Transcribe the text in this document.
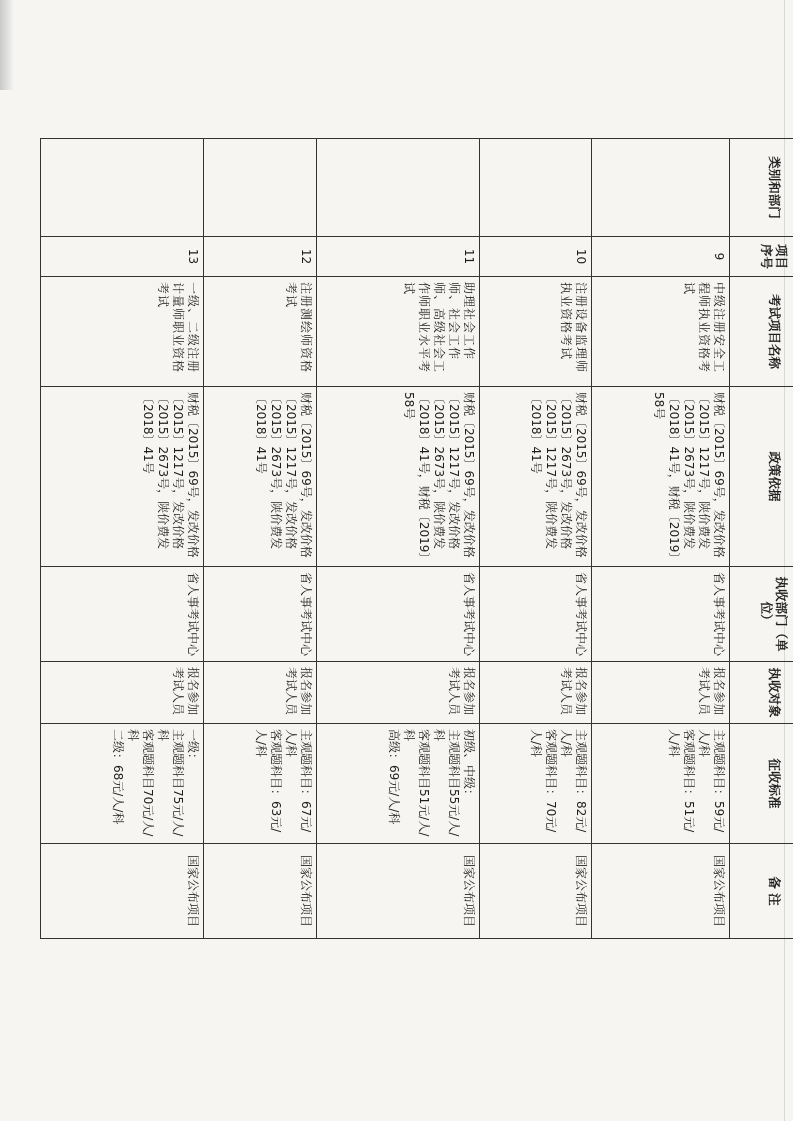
类别和部门	项目序号	考试项目名称	政策依据	执收部门（单位）	执收对象	征收标准	备 注
	9	中级注册安全工程师执业资格考试	财税〔2015〕69号，发改价格〔2015〕1217号，陕价费发〔2015〕2673号，陕价费发〔2018〕41号，财税〔2019〕58号	省人事考试中心	报名参加考试人员	主观题科目：59元/人/科
客观题科目：51元/人/科	国家公布项目
	10	注册设备监理师执业资格考试	财税〔2015〕69号，发改价格〔2015〕2673号，发改价格〔2015〕1217号，陕价费发〔2018〕41号	省人事考试中心	报名参加考试人员	主观题科目：82元/人/科
客观题科目：70元/人/科	国家公布项目
	11	助理社会工作师、社会工作师、高级社会工作师职业水平考试	财税〔2015〕69号，发改价格〔2015〕1217号，发改价格〔2015〕2673号，陕价费发〔2018〕41号，财税〔2019〕58号	省人事考试中心	报名参加考试人员	初级、中级：
主观题科目55元/人/科
客观题科目51元/人/科
高级：69元/人/科	国家公布项目
	12	注册测绘师资格考试	财税〔2015〕69号，发改价格〔2015〕1217号，发改价格〔2015〕2673号，陕价费发〔2018〕41号	省人事考试中心	报名参加考试人员	主观题科目：67元/人/科
客观题科目：63元/人/科	国家公布项目
	13	一级、二级注册计量师职业资格考试	财税〔2015〕69号，发改价格〔2015〕1217号，发改价格〔2015〕2673号，陕价费发〔2018〕41号	省人事考试中心	报名参加考试人员	一级：
主观题科目75元/人/科
客观题科目70元/人/科
二级：68元/人/科	国家公布项目
